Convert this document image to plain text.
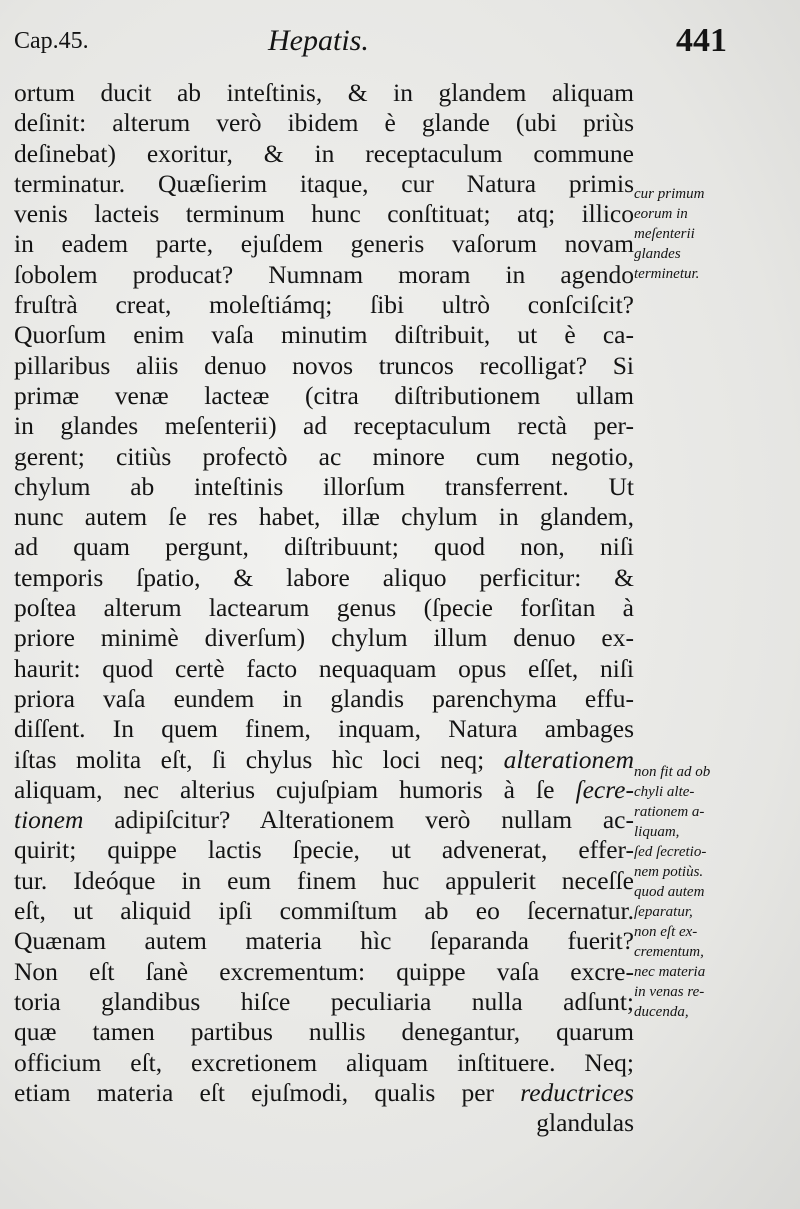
Cap.45.	Hepatis.	441
ortum ducit ab inteſtinis, & in glandem aliquam
deſinit: alterum verò ibidem è glande (ubi priùs
deſinebat) exoritur, & in receptaculum commune
terminatur. Quæſierim itaque, cur Natura primis
venis lacteis terminum hunc conſtituat; atq; illico
in eadem parte, ejuſdem generis vaſorum novam
ſobolem producat? Numnam moram in agendo
fruſtrà creat, moleſtiámq; ſibi ultrò conſciſcit?
Quorſum enim vaſa minutim diſtribuit, ut è ca-
pillaribus aliis denuo novos truncos recolligat? Si
primæ venæ lacteæ (citra diſtributionem ullam
in glandes meſenterii) ad receptaculum rectà per-
gerent; citiùs profectò ac minore cum negotio,
chylum ab inteſtinis illorſum transferrent. Ut
nunc autem ſe res habet, illæ chylum in glandem,
ad quam pergunt, diſtribuunt; quod non, niſi
temporis ſpatio, & labore aliquo perficitur: &
poſtea alterum lactearum genus (ſpecie forſitan à
priore minimè diverſum) chylum illum denuo ex-
haurit: quod certè facto nequaquam opus eſſet, niſi
priora vaſa eundem in glandis parenchyma effu-
diſſent. In quem finem, inquam, Natura ambages
iſtas molita eſt, ſi chylus hìc loci neq; alterationem
aliquam, nec alterius cujuſpiam humoris à ſe ſecre-
tionem adipiſcitur? Alterationem verò nullam ac-
quirit; quippe lactis ſpecie, ut advenerat, effer-
tur. Ideóque in eum finem huc appulerit neceſſe
eſt, ut aliquid ipſi commiſtum ab eo ſecernatur.
Quænam autem materia hìc ſeparanda fuerit?
Non eſt ſanè excrementum: quippe vaſa excre-
toria glandibus hiſce peculiaria nulla adſunt;
quæ tamen partibus nullis denegantur, quarum
officium eſt, excretionem aliquam inſtituere. Neq;
etiam materia eſt ejuſmodi, qualis per reductrices
glandulas
cur primum
eorum in
meſenterii
glandes
terminetur.
non fit ad ob
chyli alte-
rationem a-
liquam,
ſed ſecretio-
nem potiùs.
quod autem
ſeparatur,
non eſt ex-
crementum,
nec materia
in venas re-
ducenda,
